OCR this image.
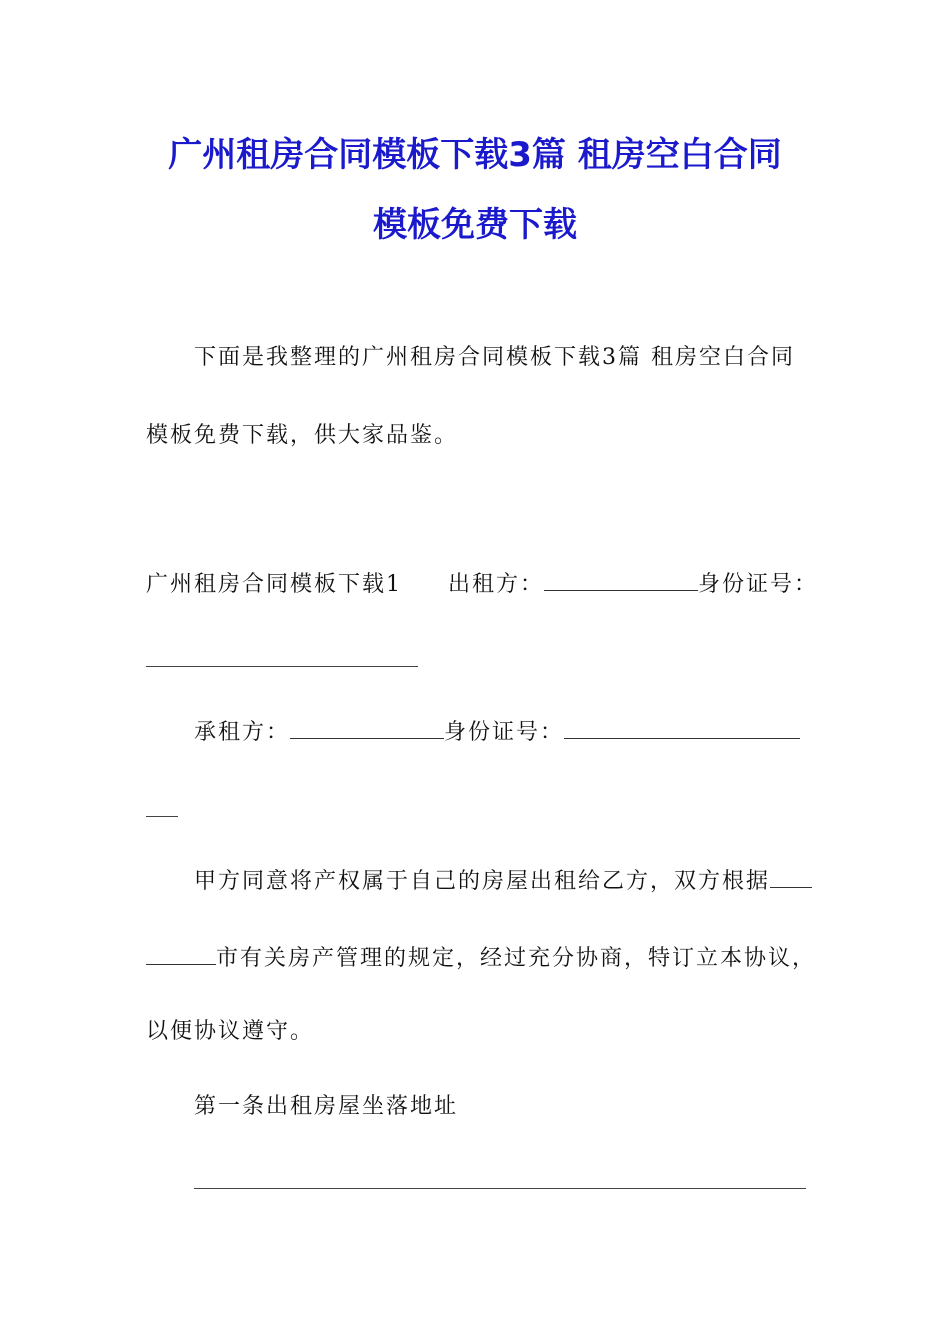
广州租房合同模板下载3篇 租房空白合同
模板免费下载
下面是我整理的广州租房合同模板下载3篇 租房空白合同
模板免费下载，供大家品鉴。
广州租房合同模板下载1 出租方：	身份证号：
承租方：	身份证号：
甲方同意将产权属于自己的房屋出租给乙方，双方根据
市有关房产管理的规定，经过充分协商，特订立本协议，
以便协议遵守。
第一条出租房屋坐落地址
